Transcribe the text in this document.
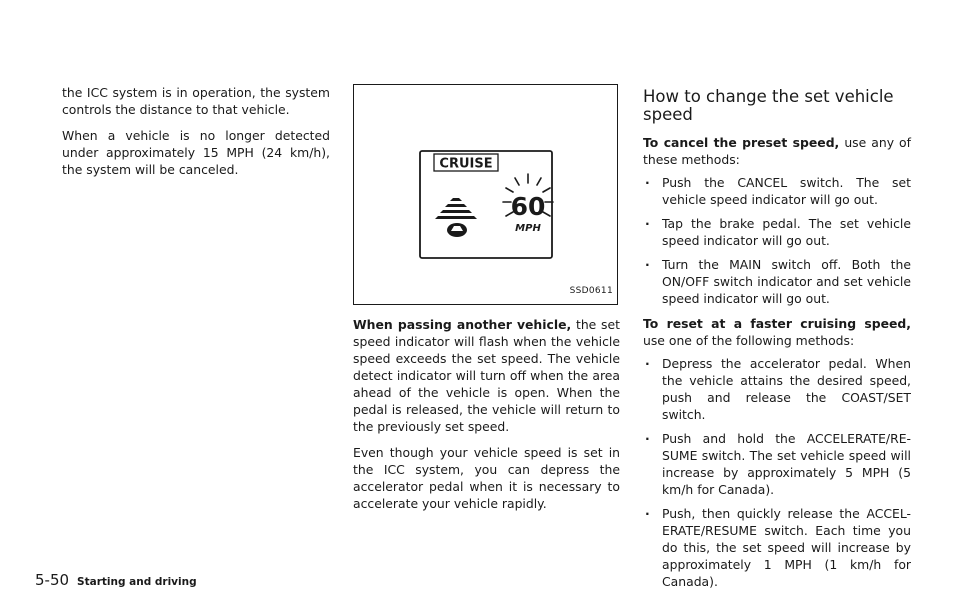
the ICC system is in operation, the system controls the distance to that vehicle.

When a vehicle is no longer detected under approximately 15 MPH (24 km/h), the system will be canceled.	CRUISE
60
MPH
SSD0611

When passing another vehicle, the set speed indicator will flash when the vehicle speed exceeds the set speed. The vehicle detect indicator will turn off when the area ahead of the vehicle is open. When the pedal is released, the vehicle will return to the previously set speed.

Even though your vehicle speed is set in the ICC system, you can depress the accelerator pedal when it is necessary to accelerate your vehicle rapidly.

How to change the set vehicle speed

To cancel the preset speed, use any of these methods:

. Push the CANCEL switch. The set vehicle speed indicator will go out.
. Tap the brake pedal. The set vehicle speed indicator will go out.
. Turn the MAIN switch off. Both the ON/OFF switch indicator and set vehicle speed indicator will go out.

To reset at a faster cruising speed, use one of the following methods:

. Depress the accelerator pedal. When the vehicle attains the desired speed, push and release the COAST/SET switch.
. Push and hold the ACCELERATE/RE-SUME switch. The set vehicle speed will increase by approximately 5 MPH (5 km/h for Canada).
. Push, then quickly release the ACCEL-ERATE/RESUME switch. Each time you do this, the set speed will increase by approximately 1 MPH (1 km/h for Canada).
5-50 Starting and driving
